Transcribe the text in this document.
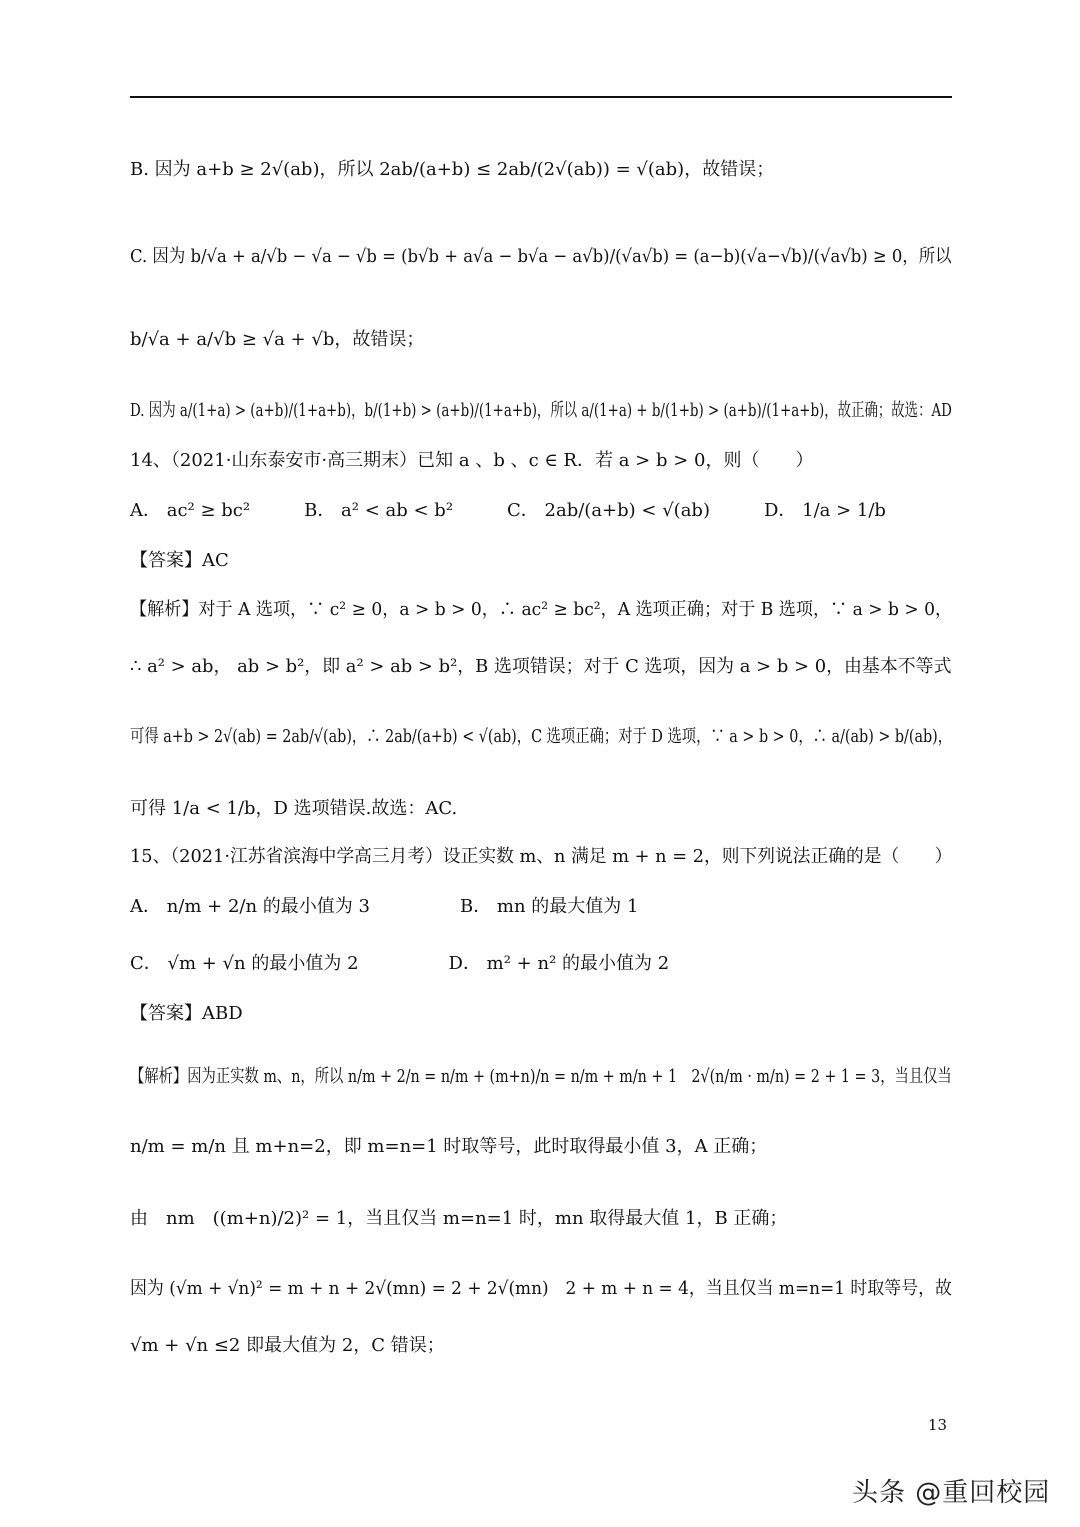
B. 因为 a+b ≥ 2√(ab)，所以 2ab/(a+b) ≤ 2ab/(2√(ab)) = √(ab)，故错误；
C. 因为 b/√a + a/√b − √a − √b = (b√b + a√a − b√a − a√b)/(√a√b) = (a−b)(√a−√b)/(√a√b) ≥ 0，所以
b/√a + a/√b ≥ √a + √b，故错误；
D. 因为 a/(1+a) > (a+b)/(1+a+b)，b/(1+b) > (a+b)/(1+a+b)，所以 a/(1+a) + b/(1+b) > (a+b)/(1+a+b)，故正确；故选：AD
14、（2021·山东泰安市·高三期末）已知 a 、b 、c ∈ R．若 a > b > 0，则（　　）
A． ac² ≥ bc²　　　B． a² < ab < b²　　　C． 2ab/(a+b) < √(ab)　　　D． 1/a > 1/b
【答案】AC
【解析】对于 A 选项，∵ c² ≥ 0，a > b > 0，∴ ac² ≥ bc²，A 选项正确；对于 B 选项，∵ a > b > 0，
∴ a² > ab， ab > b²，即 a² > ab > b²，B 选项错误；对于 C 选项，因为 a > b > 0，由基本不等式
可得 a+b > 2√(ab) = 2ab/√(ab)，∴ 2ab/(a+b) < √(ab)，C 选项正确；对于 D 选项，∵ a > b > 0，∴ a/(ab) > b/(ab)，
可得 1/a < 1/b，D 选项错误.故选：AC.
15、（2021·江苏省滨海中学高三月考）设正实数 m、n 满足 m + n = 2，则下列说法正确的是（　　）
A． n/m + 2/n 的最小值为 3　　　　　B． mn 的最大值为 1
C． √m + √n 的最小值为 2　　　　　D． m² + n² 的最小值为 2
【答案】ABD
【解析】因为正实数 m、n，所以 n/m + 2/n = n/m + (m+n)/n = n/m + m/n + 1　2√(n/m · m/n) = 2 + 1 = 3，当且仅当
n/m = m/n 且 m+n=2，即 m=n=1 时取等号，此时取得最小值 3，A 正确；
由　nm　((m+n)/2)² = 1，当且仅当 m=n=1 时，mn 取得最大值 1，B 正确；
因为 (√m + √n)² = m + n + 2√(mn) = 2 + 2√(mn)　2 + m + n = 4，当且仅当 m=n=1 时取等号，故
√m + √n ≤2 即最大值为 2，C 错误；
13
头条 @重回校园
